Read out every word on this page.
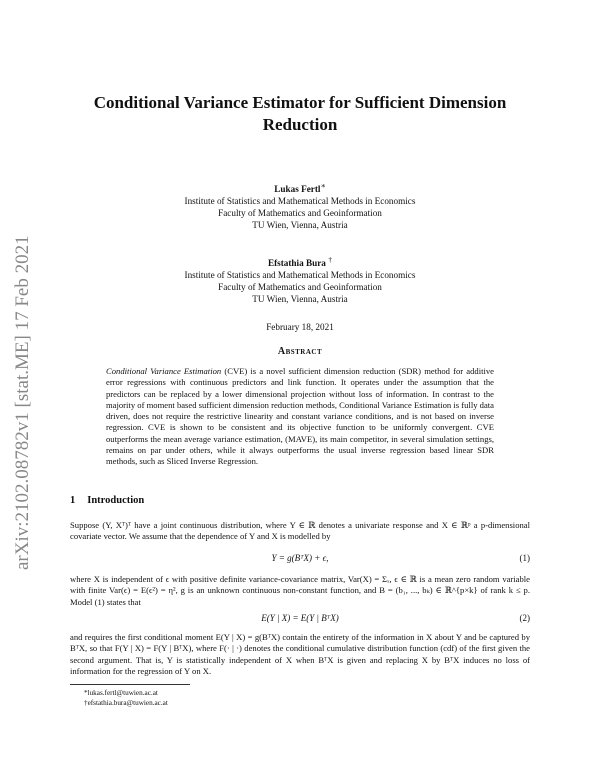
arXiv:2102.08782v1 [stat.ME] 17 Feb 2021
Conditional Variance Estimator for Sufficient Dimension Reduction
Lukas Fertl∗
Institute of Statistics and Mathematical Methods in Economics
Faculty of Mathematics and Geoinformation
TU Wien, Vienna, Austria
Efstathia Bura †
Institute of Statistics and Mathematical Methods in Economics
Faculty of Mathematics and Geoinformation
TU Wien, Vienna, Austria
February 18, 2021
Abstract
Conditional Variance Estimation (CVE) is a novel sufficient dimension reduction (SDR) method for additive error regressions with continuous predictors and link function. It operates under the assumption that the predictors can be replaced by a lower dimensional projection without loss of information. In contrast to the majority of moment based sufficient dimension reduction methods, Conditional Variance Estimation is fully data driven, does not require the restrictive linearity and constant variance conditions, and is not based on inverse regression. CVE is shown to be consistent and its objective function to be uniformly convergent. CVE outperforms the mean average variance estimation, (MAVE), its main competitor, in several simulation settings, remains on par under others, while it always outperforms the usual inverse regression based linear SDR methods, such as Sliced Inverse Regression.
1 Introduction
Suppose (Y, Xᵀ)ᵀ have a joint continuous distribution, where Y ∈ ℝ denotes a univariate response and X ∈ ℝᵖ a p-dimensional covariate vector. We assume that the dependence of Y and X is modelled by
Y = g(BᵀX) + ϵ,	(1)
where X is independent of ϵ with positive definite variance-covariance matrix, Var(X) = Σₓ, ϵ ∈ ℝ is a mean zero random variable with finite Var(ϵ) = E(ϵ²) = η², g is an unknown continuous non-constant function, and B = (b₁, ..., bₖ) ∈ ℝ^{p×k} of rank k ≤ p. Model (1) states that
E(Y | X) = E(Y | BᵀX)	(2)
and requires the first conditional moment E(Y | X) = g(BᵀX) contain the entirety of the information in X about Y and be captured by BᵀX, so that F(Y | X) = F(Y | BᵀX), where F(· | ·) denotes the conditional cumulative distribution function (cdf) of the first given the second argument. That is, Y is statistically independent of X when BᵀX is given and replacing X by BᵀX induces no loss of information for the regression of Y on X.
*lukas.fertl@tuwien.ac.at
†efstathia.bura@tuwien.ac.at
